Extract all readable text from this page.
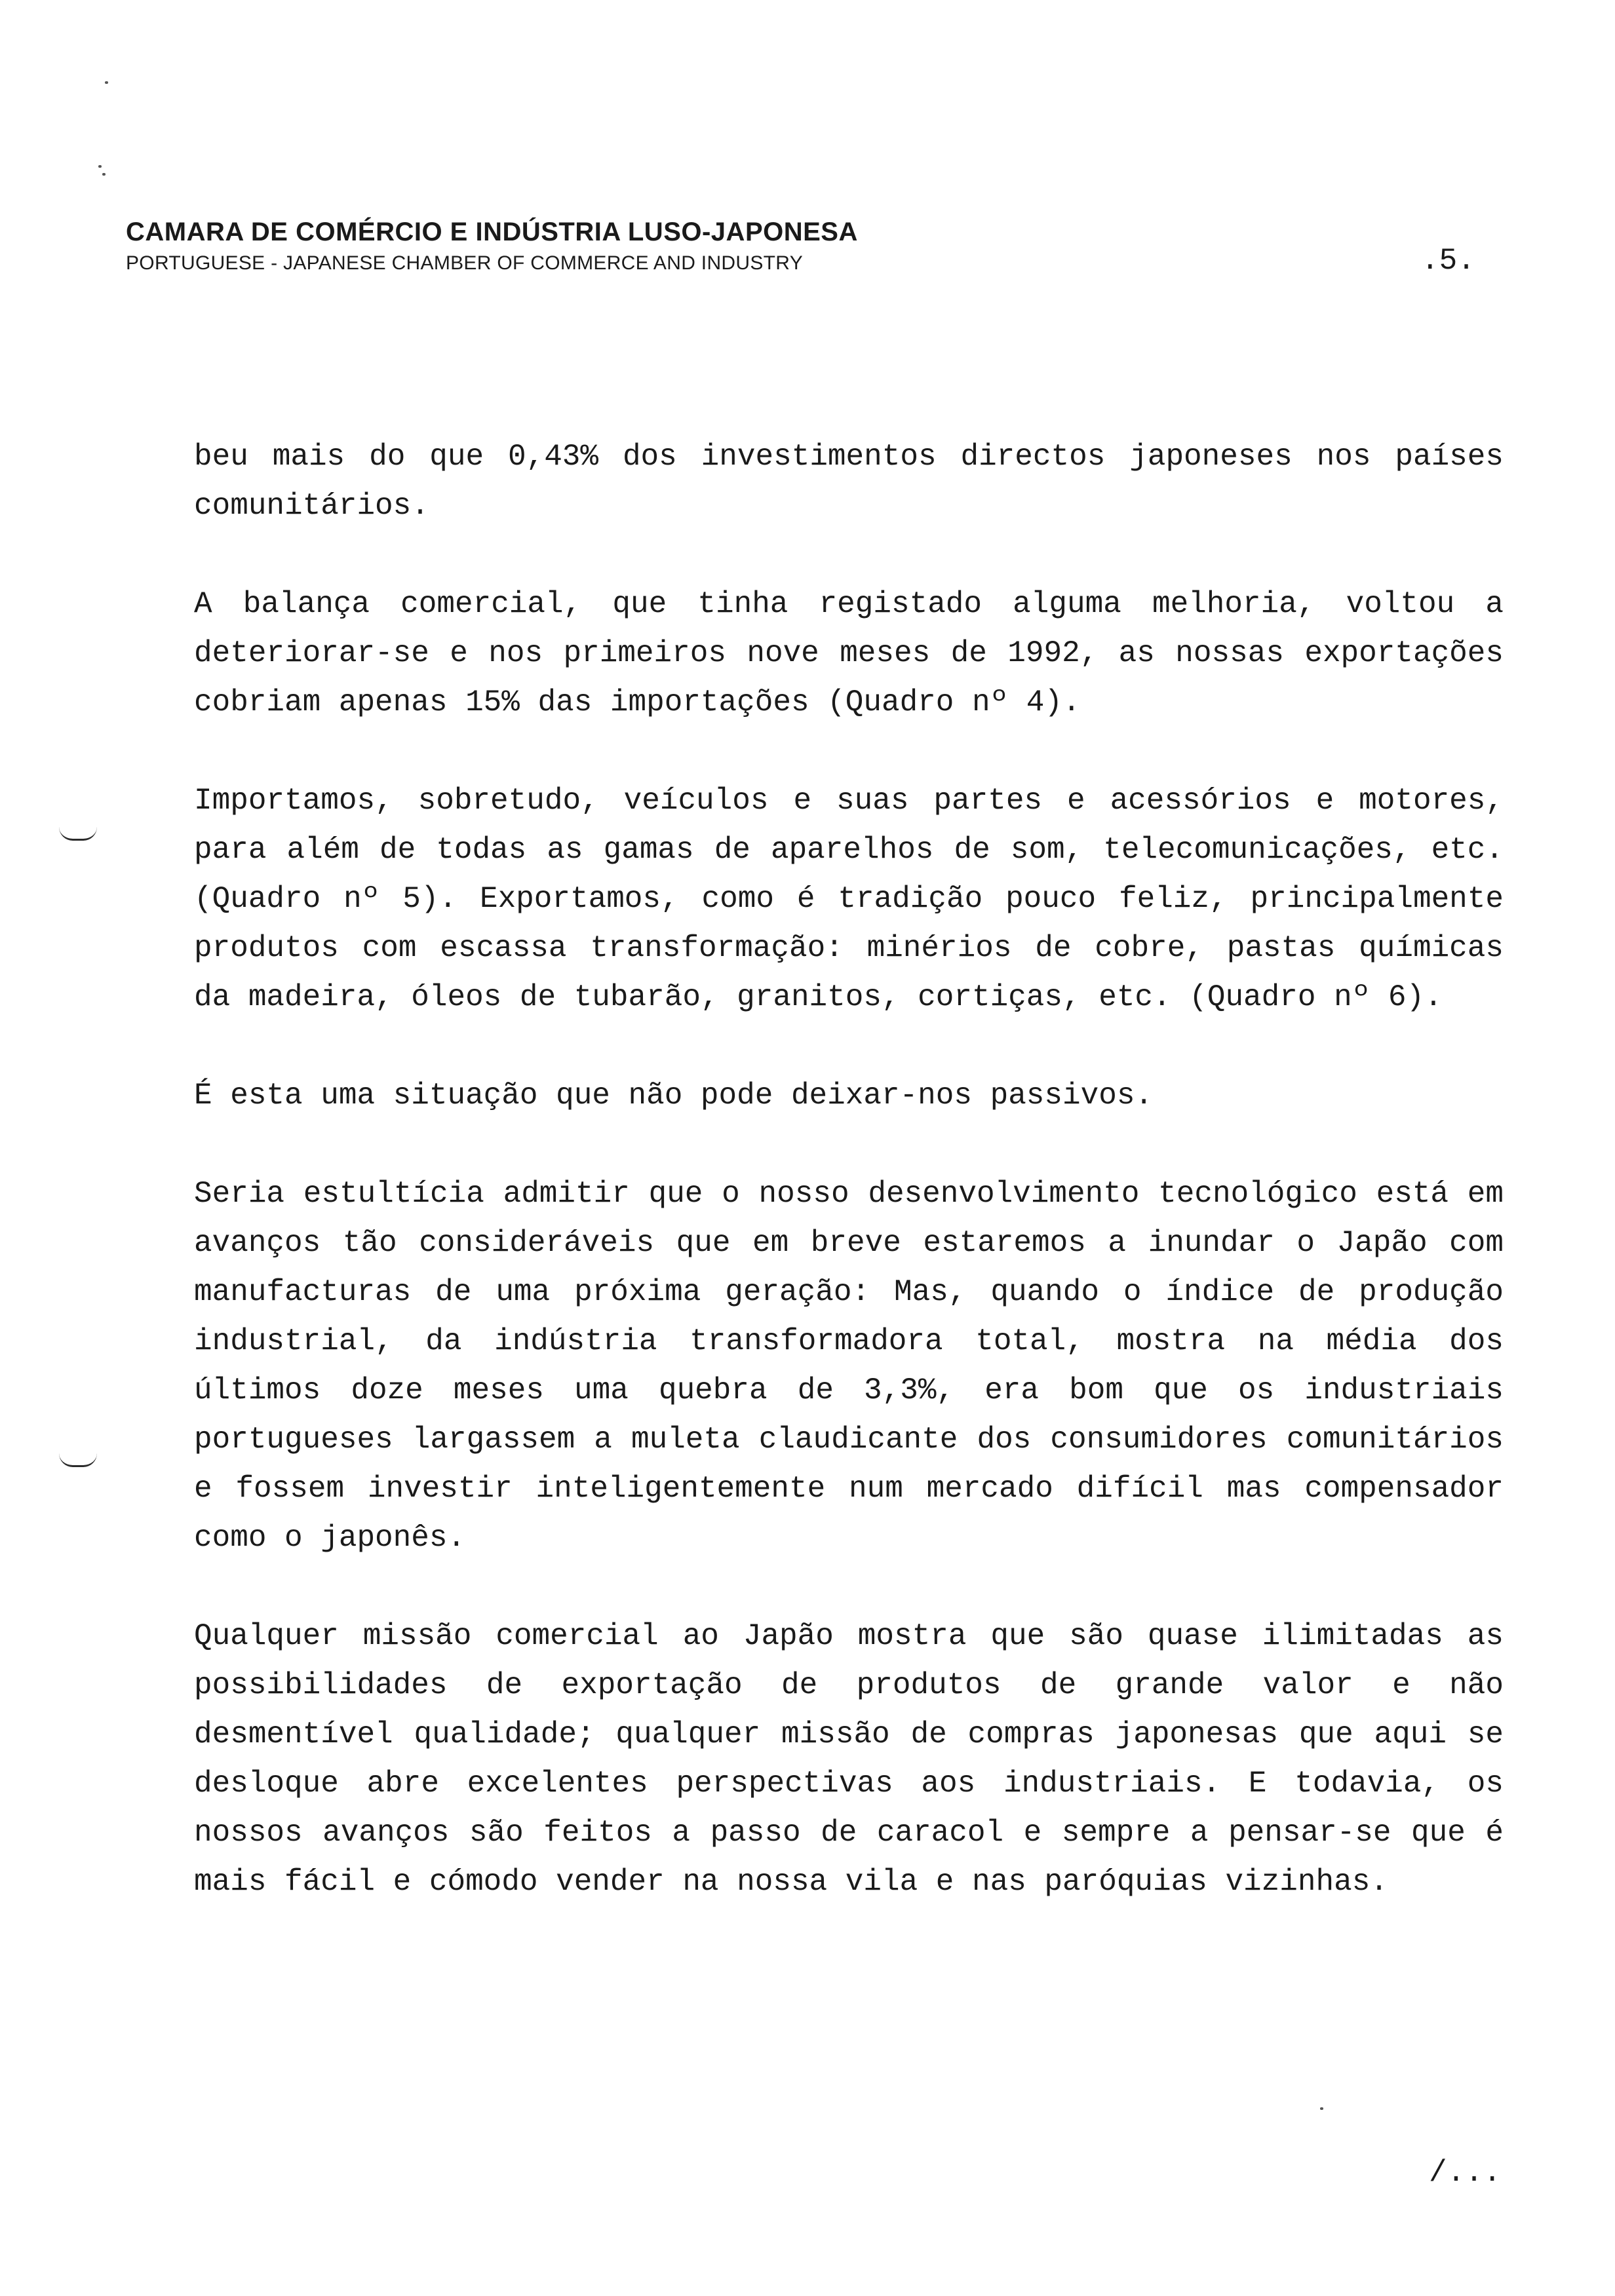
CAMARA DE COMÉRCIO E INDÚSTRIA LUSO-JAPONESA
PORTUGUESE - JAPANESE CHAMBER OF COMMERCE AND INDUSTRY	.5.

beu mais do que 0,43% dos investimentos directos japoneses nos países comunitários.

A balança comercial, que tinha registado alguma melhoria, voltou a deteriorar-se e nos primeiros nove meses de 1992, as nossas exportações cobriam apenas 15% das importações (Quadro nº 4).

Importamos, sobretudo, veículos e suas partes e acessórios e motores, para além de todas as gamas de aparelhos de som, telecomunicações, etc. (Quadro nº 5). Exportamos, como é tradição pouco feliz, principalmente produtos com escassa transformação: minérios de cobre, pastas químicas da madeira, óleos de tubarão, granitos, cortiças, etc. (Quadro nº 6).

É esta uma situação que não pode deixar-nos passivos.

Seria estultícia admitir que o nosso desenvolvimento tecnológico está em avanços tão consideráveis que em breve estaremos a inundar o Japão com manufacturas de uma próxima geração: Mas, quando o índice de produção industrial, da indústria transformadora total, mostra na média dos últimos doze meses uma quebra de 3,3%, era bom que os industriais portugueses largassem a muleta claudicante dos consumidores comunitários e fossem investir inteligentemente num mercado difícil mas compensador como o japonês.

Qualquer missão comercial ao Japão mostra que são quase ilimitadas as possibilidades de exportação de produtos de grande valor e não desmentível qualidade; qualquer missão de compras japonesas que aqui se desloque abre excelentes perspectivas aos industriais. E todavia, os nossos avanços são feitos a passo de caracol e sempre a pensar-se que é mais fácil e cómodo vender na nossa vila e nas paróquias vizinhas.

/...
